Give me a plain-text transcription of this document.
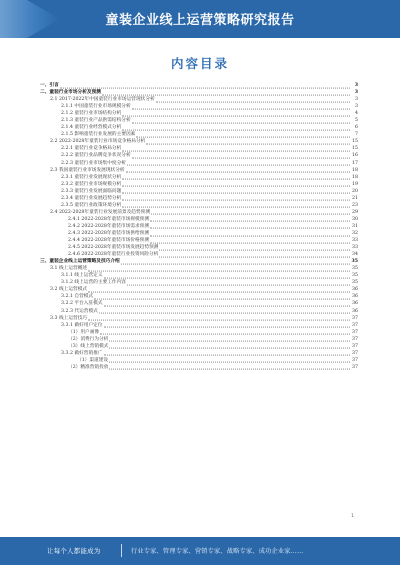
童装企业线上运营策略研究报告
内容目录
一、引言	3
二、童装行业市场分析及预测	3
2.1 2017-2022年中国童装行业市场运营现状分析	3
2.1.1 中国童装行业市场规模分析	3
2.1.2 童装行业市场结构分析	4
2.1.3 童装行业产品供需结构分析	5
2.1.4 童装行业经营模式分析	6
2.1.5 影响童装行业发展的主要因素	7
2.2 2022-2028年童装行业市场竞争格局分析	15
2.2.1 童装行业竞争格局分析	15
2.2.2 童装行业品牌竞争状况分析	16
2.2.3 童装行业市场集中度分析	17
2.3 我国童装行业市场发展现状分析	18
2.3.1 童装行业发展现状分析	18
2.3.2 童装行业市场规模分析	19
2.3.3 童装行业发展面临问题	20
2.3.4 童装行业发展趋势分析	21
2.3.5 童装行业政策环境分析	23
2.4 2022-2028年童装行业发展前景及趋势预测	29
2.4.1 2022-2028年童装市场规模预测	30
2.4.2 2022-2028年童装市场需求预测	31
2.4.3 2022-2028年童装市场供给预测	32
2.4.4 2022-2028年童装市场价格预测	33
2.4.5 2022-2028年童装市场发展趋势预测	33
2.4.6 2022-2028年童装行业投资风险分析	34
三、童装企业线上运营策略及技巧介绍	35
3.1 线上运营概述	35
3.1.1 线上运营定义	35
3.1.2 线上运营的主要工作内容	35
3.2 线上运营模式	36
3.2.1 自营模式	36
3.2.2 平台入驻模式	36
3.2.3 代运营模式	36
3.3 线上运营技巧	37
3.3.1 做好用户定位	37
（1）用户画像	37
（2）消费行为分析	37
（3）线上营销模式	37
3.3.2 做好营销推广	37
（1）渠道建设	37
（2）精准营销投放	37
1
让每个人都能成为	行业专家、管理专家、营销专家、战略专家、成功企业家……
